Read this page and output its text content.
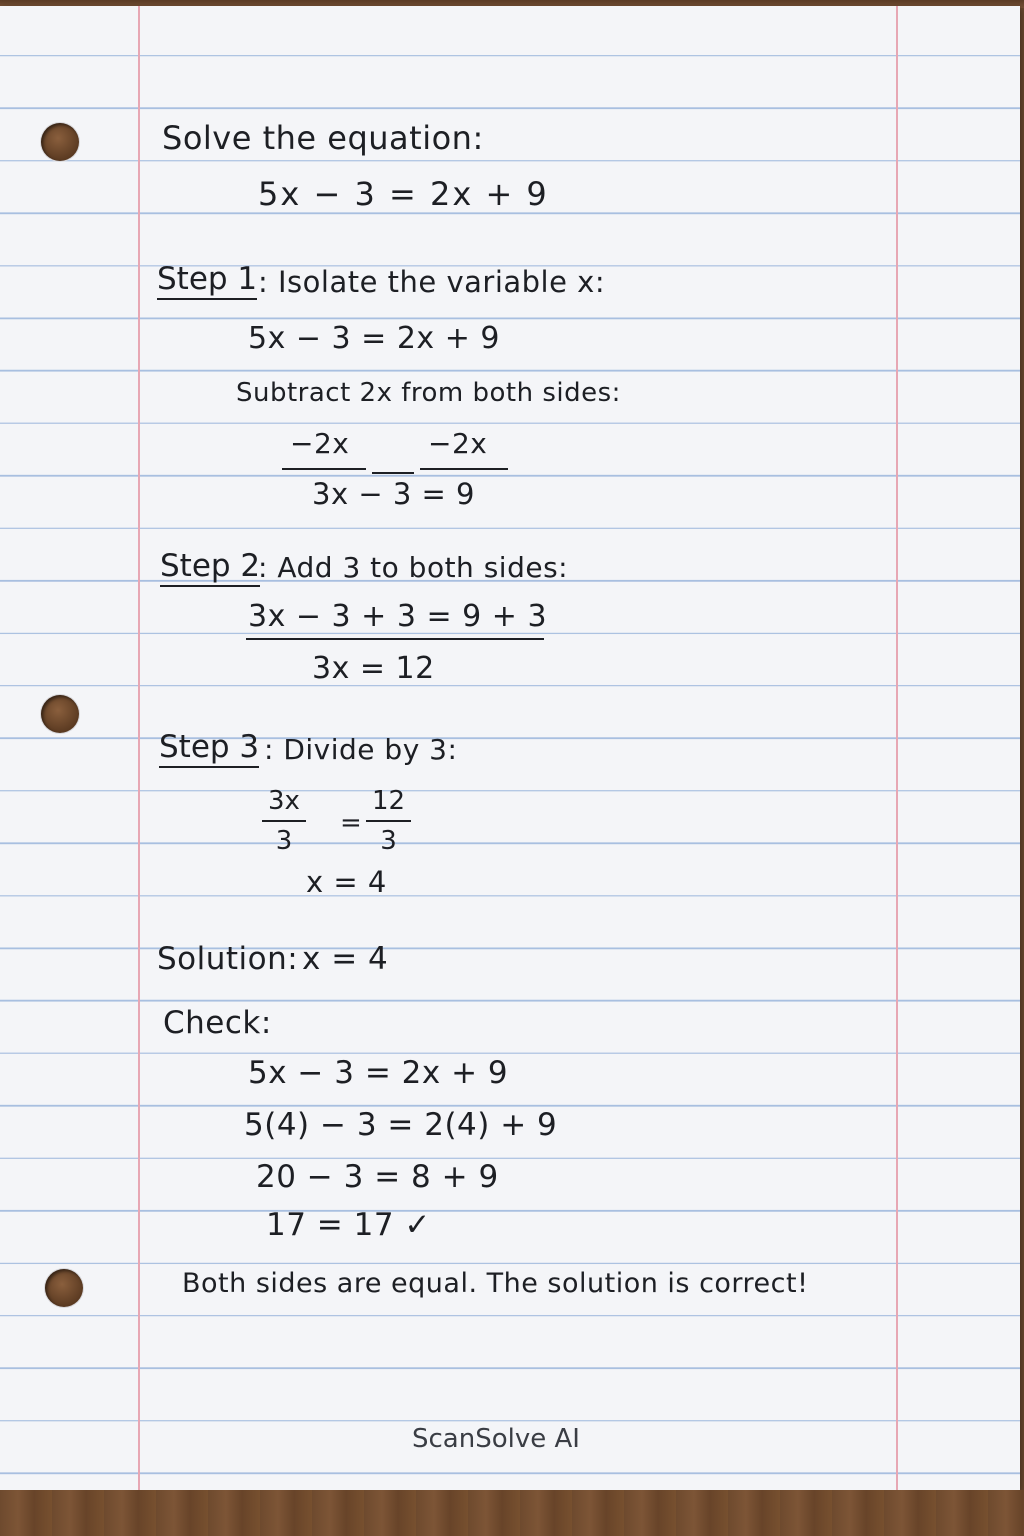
Solve the equation:
5x − 3 = 2x + 9
Step 1 : Isolate the variable x:
5x − 3 = 2x + 9
Subtract 2x from both sides:
−2x	−2x
3x − 3 = 9
Step 2
: Add 3 to both sides:
3x − 3 + 3 = 9 + 3
3x = 12
Step 3 : Divide by 3:
3x
3
=
12
3
x = 4
Solution: x = 4
Check:
5x − 3 = 2x + 9
5(4) − 3 = 2(4) + 9
20 − 3 = 8 + 9
17 = 17 ✓
Both sides are equal. The solution is correct!
ScanSolve AI
